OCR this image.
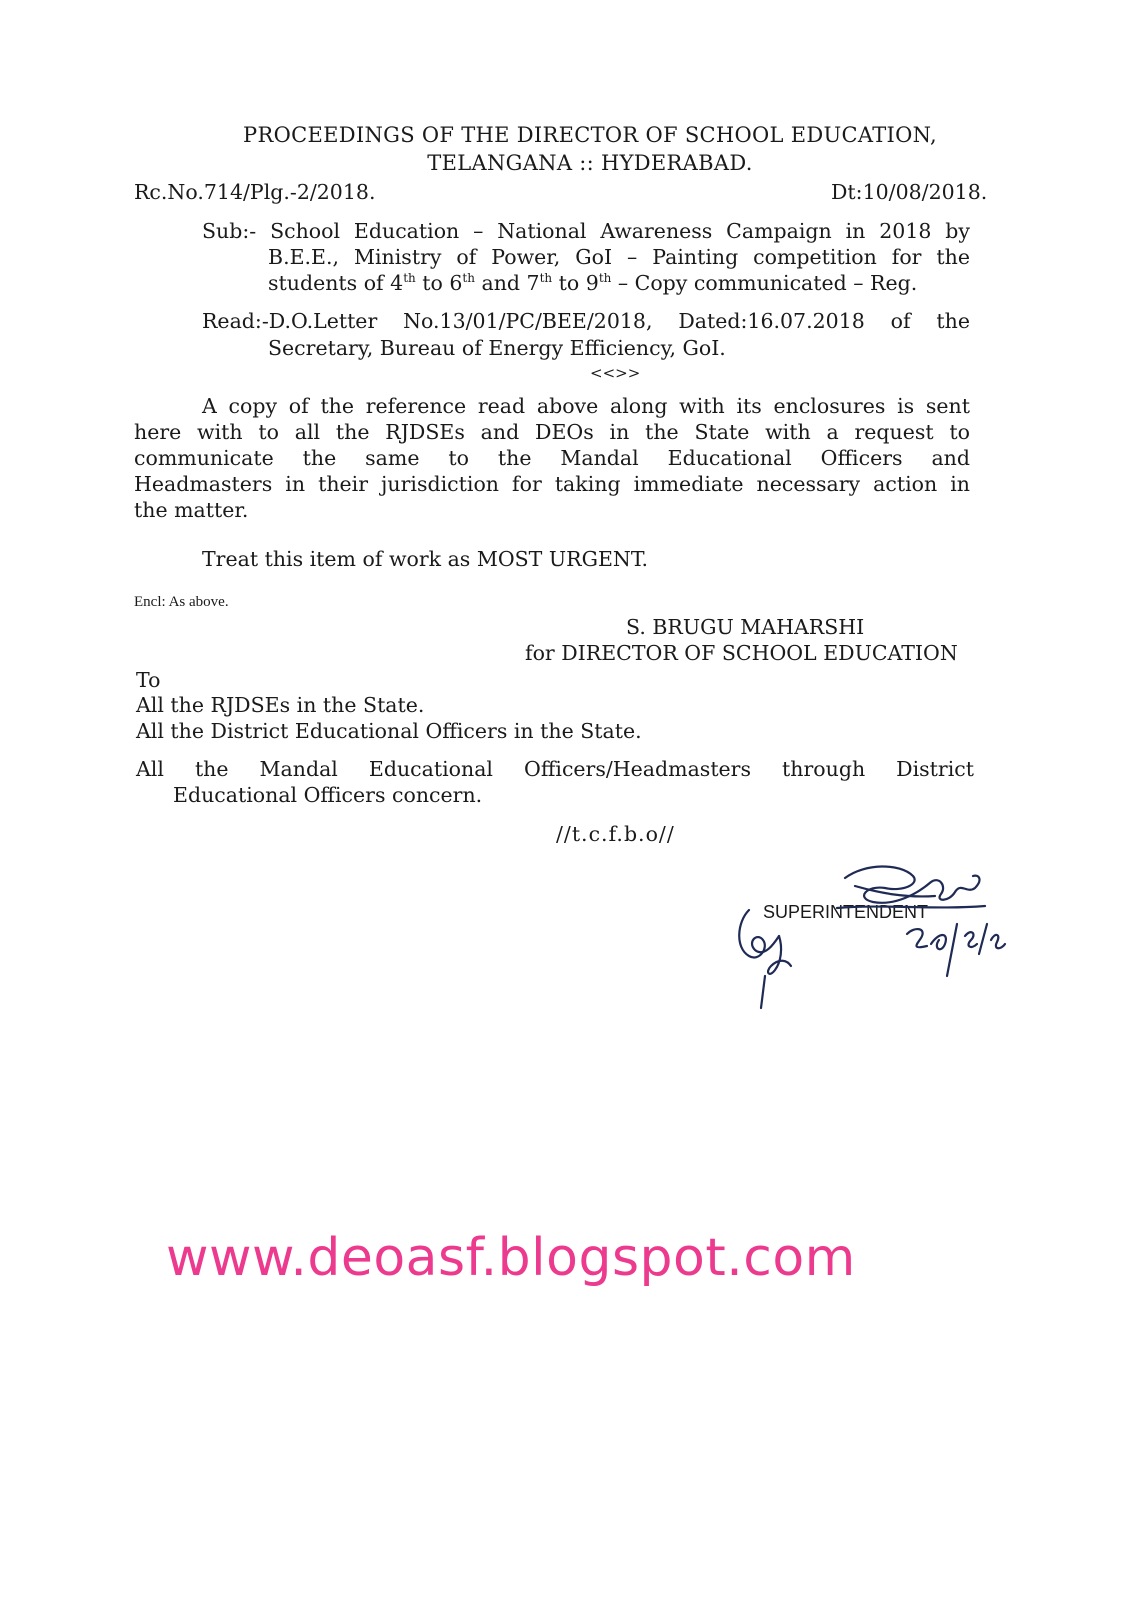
PROCEEDINGS OF THE DIRECTOR OF SCHOOL EDUCATION,
TELANGANA :: HYDERABAD.
Rc.No.714/Plg.-2/2018.	Dt:10/08/2018.
Sub:- School Education – National Awareness Campaign in 2018 by
B.E.E., Ministry of Power, GoI – Painting competition for the
students of 4th to 6th and 7th to 9th – Copy communicated – Reg.
Read:-D.O.Letter No.13/01/PC/BEE/2018, Dated:16.07.2018 of the
Secretary, Bureau of Energy Efficiency, GoI.
<<>>
A copy of the reference read above along with its enclosures is sent
here with to all the RJDSEs and DEOs in the State with a request to
communicate the same to the Mandal Educational Officers and
Headmasters in their jurisdiction for taking immediate necessary action in
the matter.
Treat this item of work as MOST URGENT.
Encl: As above.
S. BRUGU MAHARSHI
for DIRECTOR OF SCHOOL EDUCATION
To
All the RJDSEs in the State.
All the District Educational Officers in the State.
All the Mandal Educational Officers/Headmasters through District
Educational Officers concern.
//t.c.f.b.o//
SUPERINTENDENT
www.deoasf.blogspot.com
